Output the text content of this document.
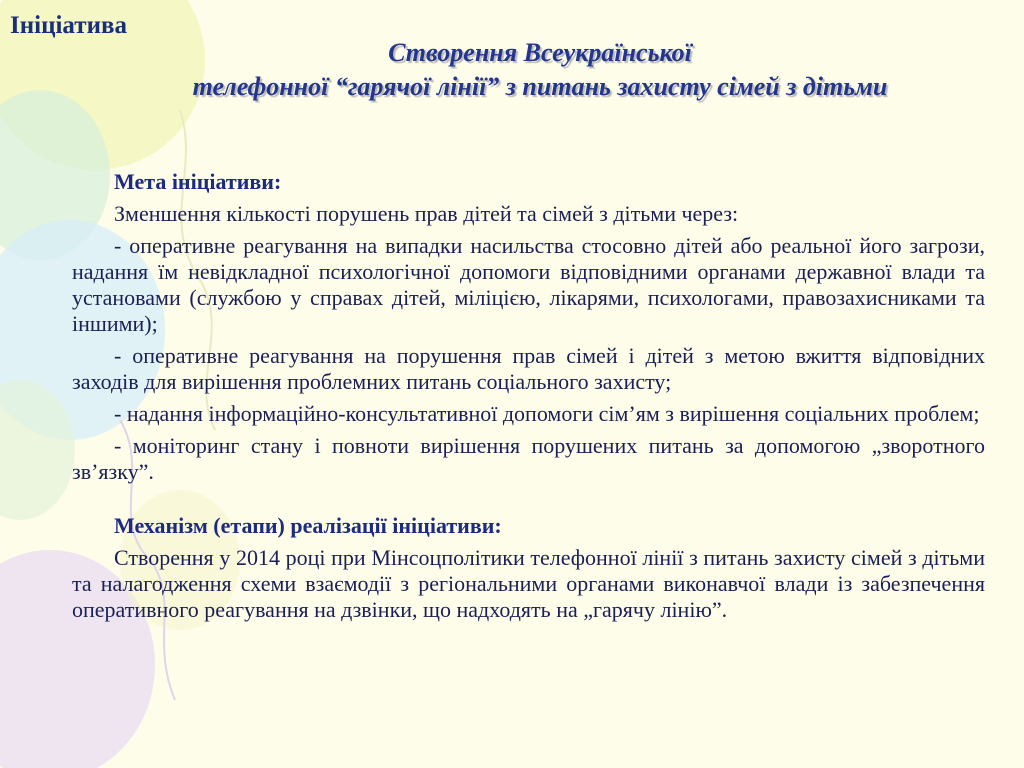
Ініціатива
Створення Всеукраїнської
телефонної “гарячої лінії” з питань захисту сімей з дітьми
Мета ініціативи:
Зменшення кількості порушень прав дітей та сімей з дітьми через:
- оперативне реагування на випадки насильства стосовно дітей або реальної його загрози, надання їм невідкладної психологічної допомоги відповідними органами державної влади та установами (службою у справах дітей, міліцією, лікарями, психологами, правозахисниками та іншими);
- оперативне реагування на порушення прав сімей і дітей з метою вжиття відповідних заходів для вирішення проблемних питань соціального захисту;
- надання інформаційно-консультативної допомоги сім’ям з вирішення соціальних проблем;
- моніторинг стану і повноти вирішення порушених питань за допомогою „зворотного зв’язку”.
Механізм (етапи) реалізації ініціативи:
Створення у 2014 році при Мінсоцполітики телефонної лінії з питань захисту сімей з дітьми та налагодження схеми взаємодії з регіональними органами виконавчої влади із забезпечення оперативного реагування на дзвінки, що надходять на „гарячу лінію”.
